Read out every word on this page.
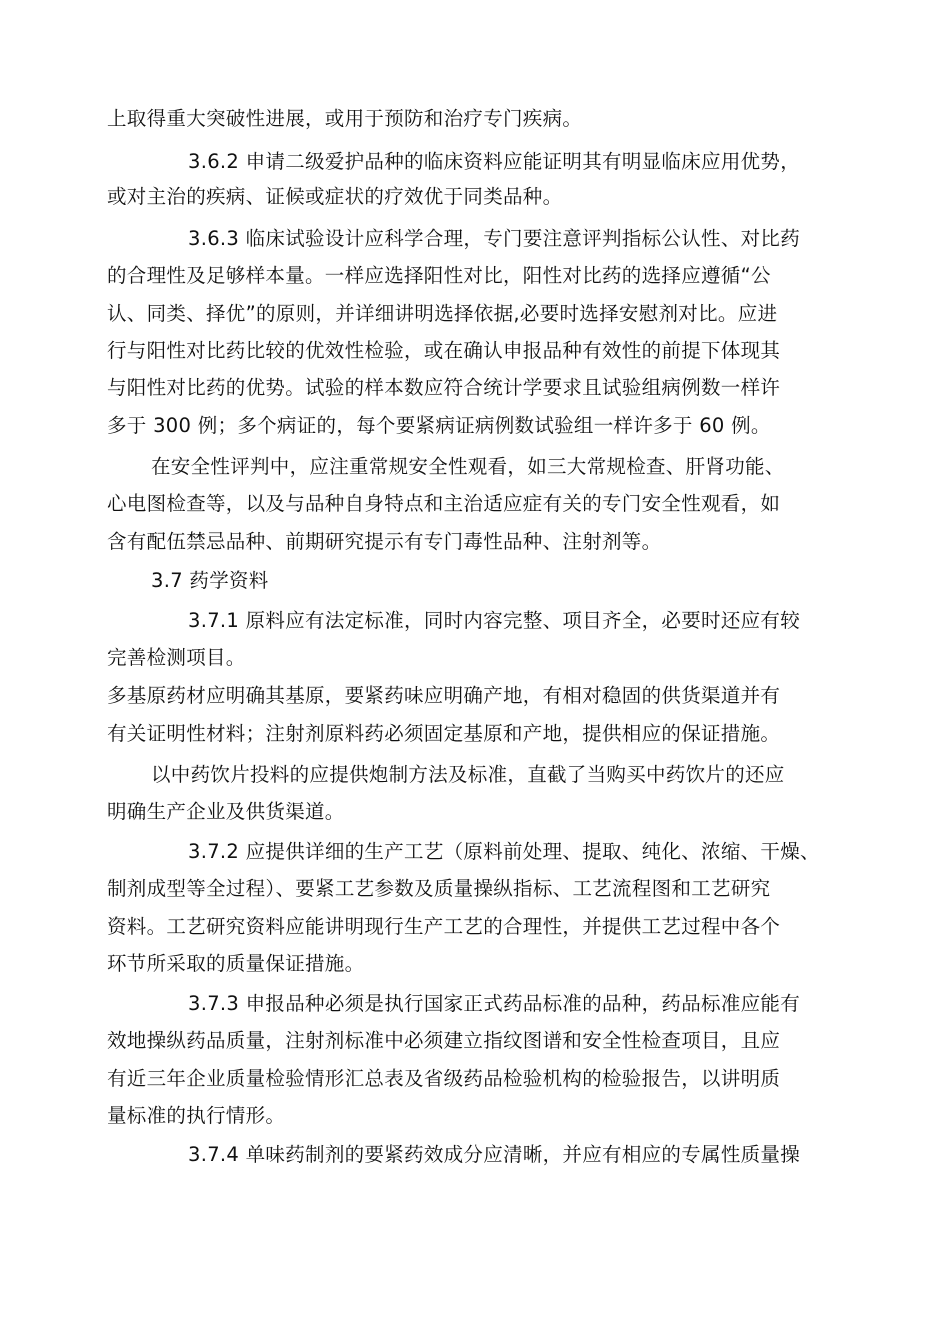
上取得重大突破性进展，或用于预防和治疗专门疾病。
3.6.2 申请二级爱护品种的临床资料应能证明其有明显临床应用优势，
或对主治的疾病、证候或症状的疗效优于同类品种。
3.6.3 临床试验设计应科学合理，专门要注意评判指标公认性、对比药
的合理性及足够样本量。一样应选择阳性对比，阳性对比药的选择应遵循“公
认、同类、择优”的原则，并详细讲明选择依据,必要时选择安慰剂对比。应进
行与阳性对比药比较的优效性检验，或在确认申报品种有效性的前提下体现其
与阳性对比药的优势。试验的样本数应符合统计学要求且试验组病例数一样许
多于 300 例；多个病证的，每个要紧病证病例数试验组一样许多于 60 例。
在安全性评判中，应注重常规安全性观看，如三大常规检查、肝肾功能、
心电图检查等，以及与品种自身特点和主治适应症有关的专门安全性观看，如
含有配伍禁忌品种、前期研究提示有专门毒性品种、注射剂等。
3.7 药学资料
3.7.1 原料应有法定标准，同时内容完整、项目齐全，必要时还应有较
完善检测项目。
多基原药材应明确其基原，要紧药味应明确产地，有相对稳固的供货渠道并有
有关证明性材料；注射剂原料药必须固定基原和产地，提供相应的保证措施。
以中药饮片投料的应提供炮制方法及标准，直截了当购买中药饮片的还应
明确生产企业及供货渠道。
3.7.2 应提供详细的生产工艺（原料前处理、提取、纯化、浓缩、干燥、
制剂成型等全过程）、要紧工艺参数及质量操纵指标、工艺流程图和工艺研究
资料。工艺研究资料应能讲明现行生产工艺的合理性，并提供工艺过程中各个
环节所采取的质量保证措施。
3.7.3 申报品种必须是执行国家正式药品标准的品种，药品标准应能有
效地操纵药品质量，注射剂标准中必须建立指纹图谱和安全性检查项目，且应
有近三年企业质量检验情形汇总表及省级药品检验机构的检验报告，以讲明质
量标准的执行情形。
3.7.4 单味药制剂的要紧药效成分应清晰，并应有相应的专属性质量操
